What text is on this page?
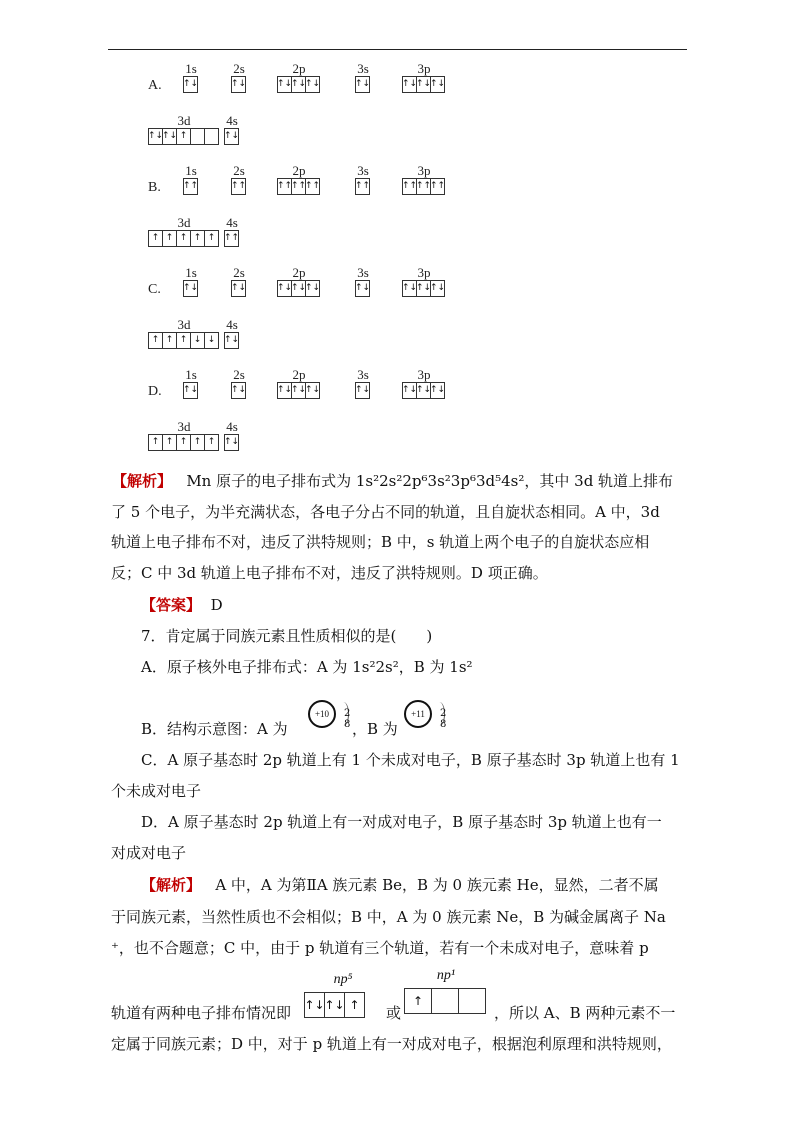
A.
1s
↑↓
2s
↑↓
2p
↑↓
↑↓
↑↓
3s
↑↓
3p
↑↓
↑↓
↑↓
3d
↑↓
↑↓ ↑
4s
↑↓
B.
1s
↑↑
2s
↑↑
2p
↑↑
↑↑
↑↑
3s
↑↑
3p
↑↑
↑↑
↑↑
3d
↑ ↑ ↑ ↑ ↑
4s
↑↑
C.
1s
↑↓
2s
↑↓
2p
↑↓
↑↓
↑↓
3s
↑↓
3p
↑↓
↑↓
↑↓
3d
↑ ↑ ↑ ↓ ↓
4s
↑↓
D.
1s
↑↓
2s
↑↓
2p
↑↓
↑↓
↑↓
3s
↑↓
3p
↑↓
↑↓
↑↓
3d
↑ ↑ ↑ ↑ ↑
4s
↑↓
【解析】 Mn 原子的电子排布式为 1s²2s²2p⁶3s²3p⁶3d⁵4s²，其中 3d 轨道上排布
了 5 个电子，为半充满状态，各电子分占不同的轨道，且自旋状态相同。A 中，3d
轨道上电子排布不对，违反了洪特规则；B 中，s 轨道上两个电子的自旋状态应相
反；C 中 3d 轨道上电子排布不对，违反了洪特规则。D 项正确。
【答案】 D
7．肯定属于同族元素且性质相似的是(　　)
A．原子核外电子排布式：A 为 1s²2s²，B 为 1s²
B．结构示意图：A 为
+10	2 8 ，B 为
+11	2 8
C．A 原子基态时 2p 轨道上有 1 个未成对电子，B 原子基态时 3p 轨道上也有 1
个未成对电子
D．A 原子基态时 2p 轨道上有一对成对电子，B 原子基态时 3p 轨道上也有一
对成对电子
【解析】 A 中，A 为第ⅡA 族元素 Be，B 为 0 族元素 He，显然，二者不属
于同族元素，当然性质也不会相似；B 中，A 为 0 族元素 Ne，B 为碱金属离子 Na
⁺，也不合题意；C 中，由于 p 轨道有三个轨道，若有一个未成对电子，意味着 p
轨道有两种电子排布情况即
np⁵
↑↓ ↑↓ ↑ 或
np¹
↑
，所以 A、B 两种元素不一
定属于同族元素；D 中，对于 p 轨道上有一对成对电子，根据泡利原理和洪特规则，
